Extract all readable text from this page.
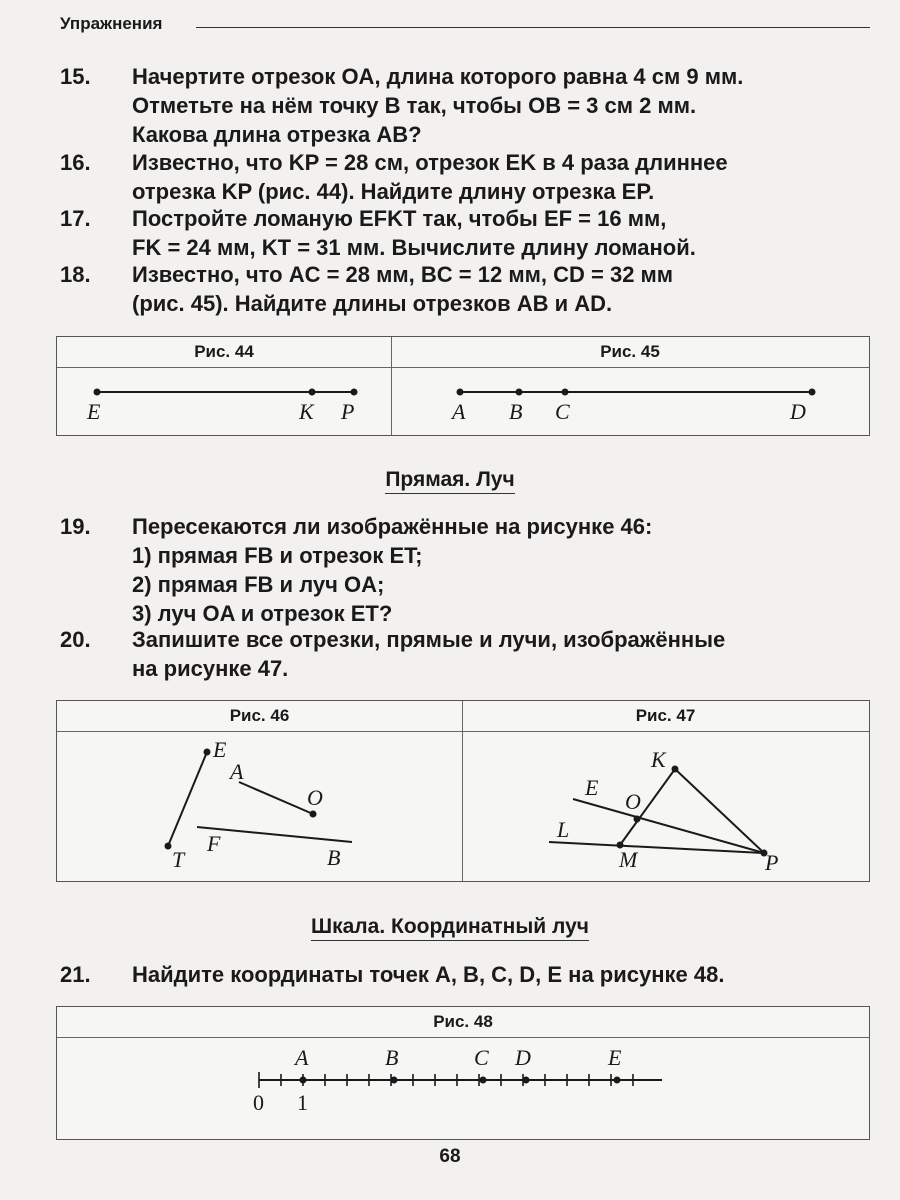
Упражнения
15.	Начертите отрезок OA, длина которого равна 4 см 9 мм.
Отметьте на нём точку B так, чтобы OB = 3 см 2 мм.
Какова длина отрезка AB?
16.	Известно, что KP = 28 см, отрезок EK в 4 раза длиннее
отрезка KP (рис. 44). Найдите длину отрезка EP.
17.	Постройте ломаную EFKT так, чтобы EF = 16 мм,
FK = 24 мм, KT = 31 мм. Вычислите длину ломаной.
18.	Известно, что AC = 28 мм, BC = 12 мм, CD = 32 мм
(рис. 45). Найдите длины отрезков AB и AD.
Рис. 44	Рис. 45
E	K P	A B C	D
Прямая. Луч
19.	Пересекаются ли изображённые на рисунке 46:
1) прямая FB и отрезок ET;
2) прямая FB и луч OA;
3) луч OA и отрезок ET?
20.	Запишите все отрезки, прямые и лучи, изображённые
на рисунке 47.
Рис. 46	Рис. 47
E
A
O
T
F
B
K
E
O
L
M	P
Шкала. Координатный луч
21.	Найдите координаты точек A, B, C, D, E на рисунке 48.
Рис. 48
A	B	C D	E
0 1
68
